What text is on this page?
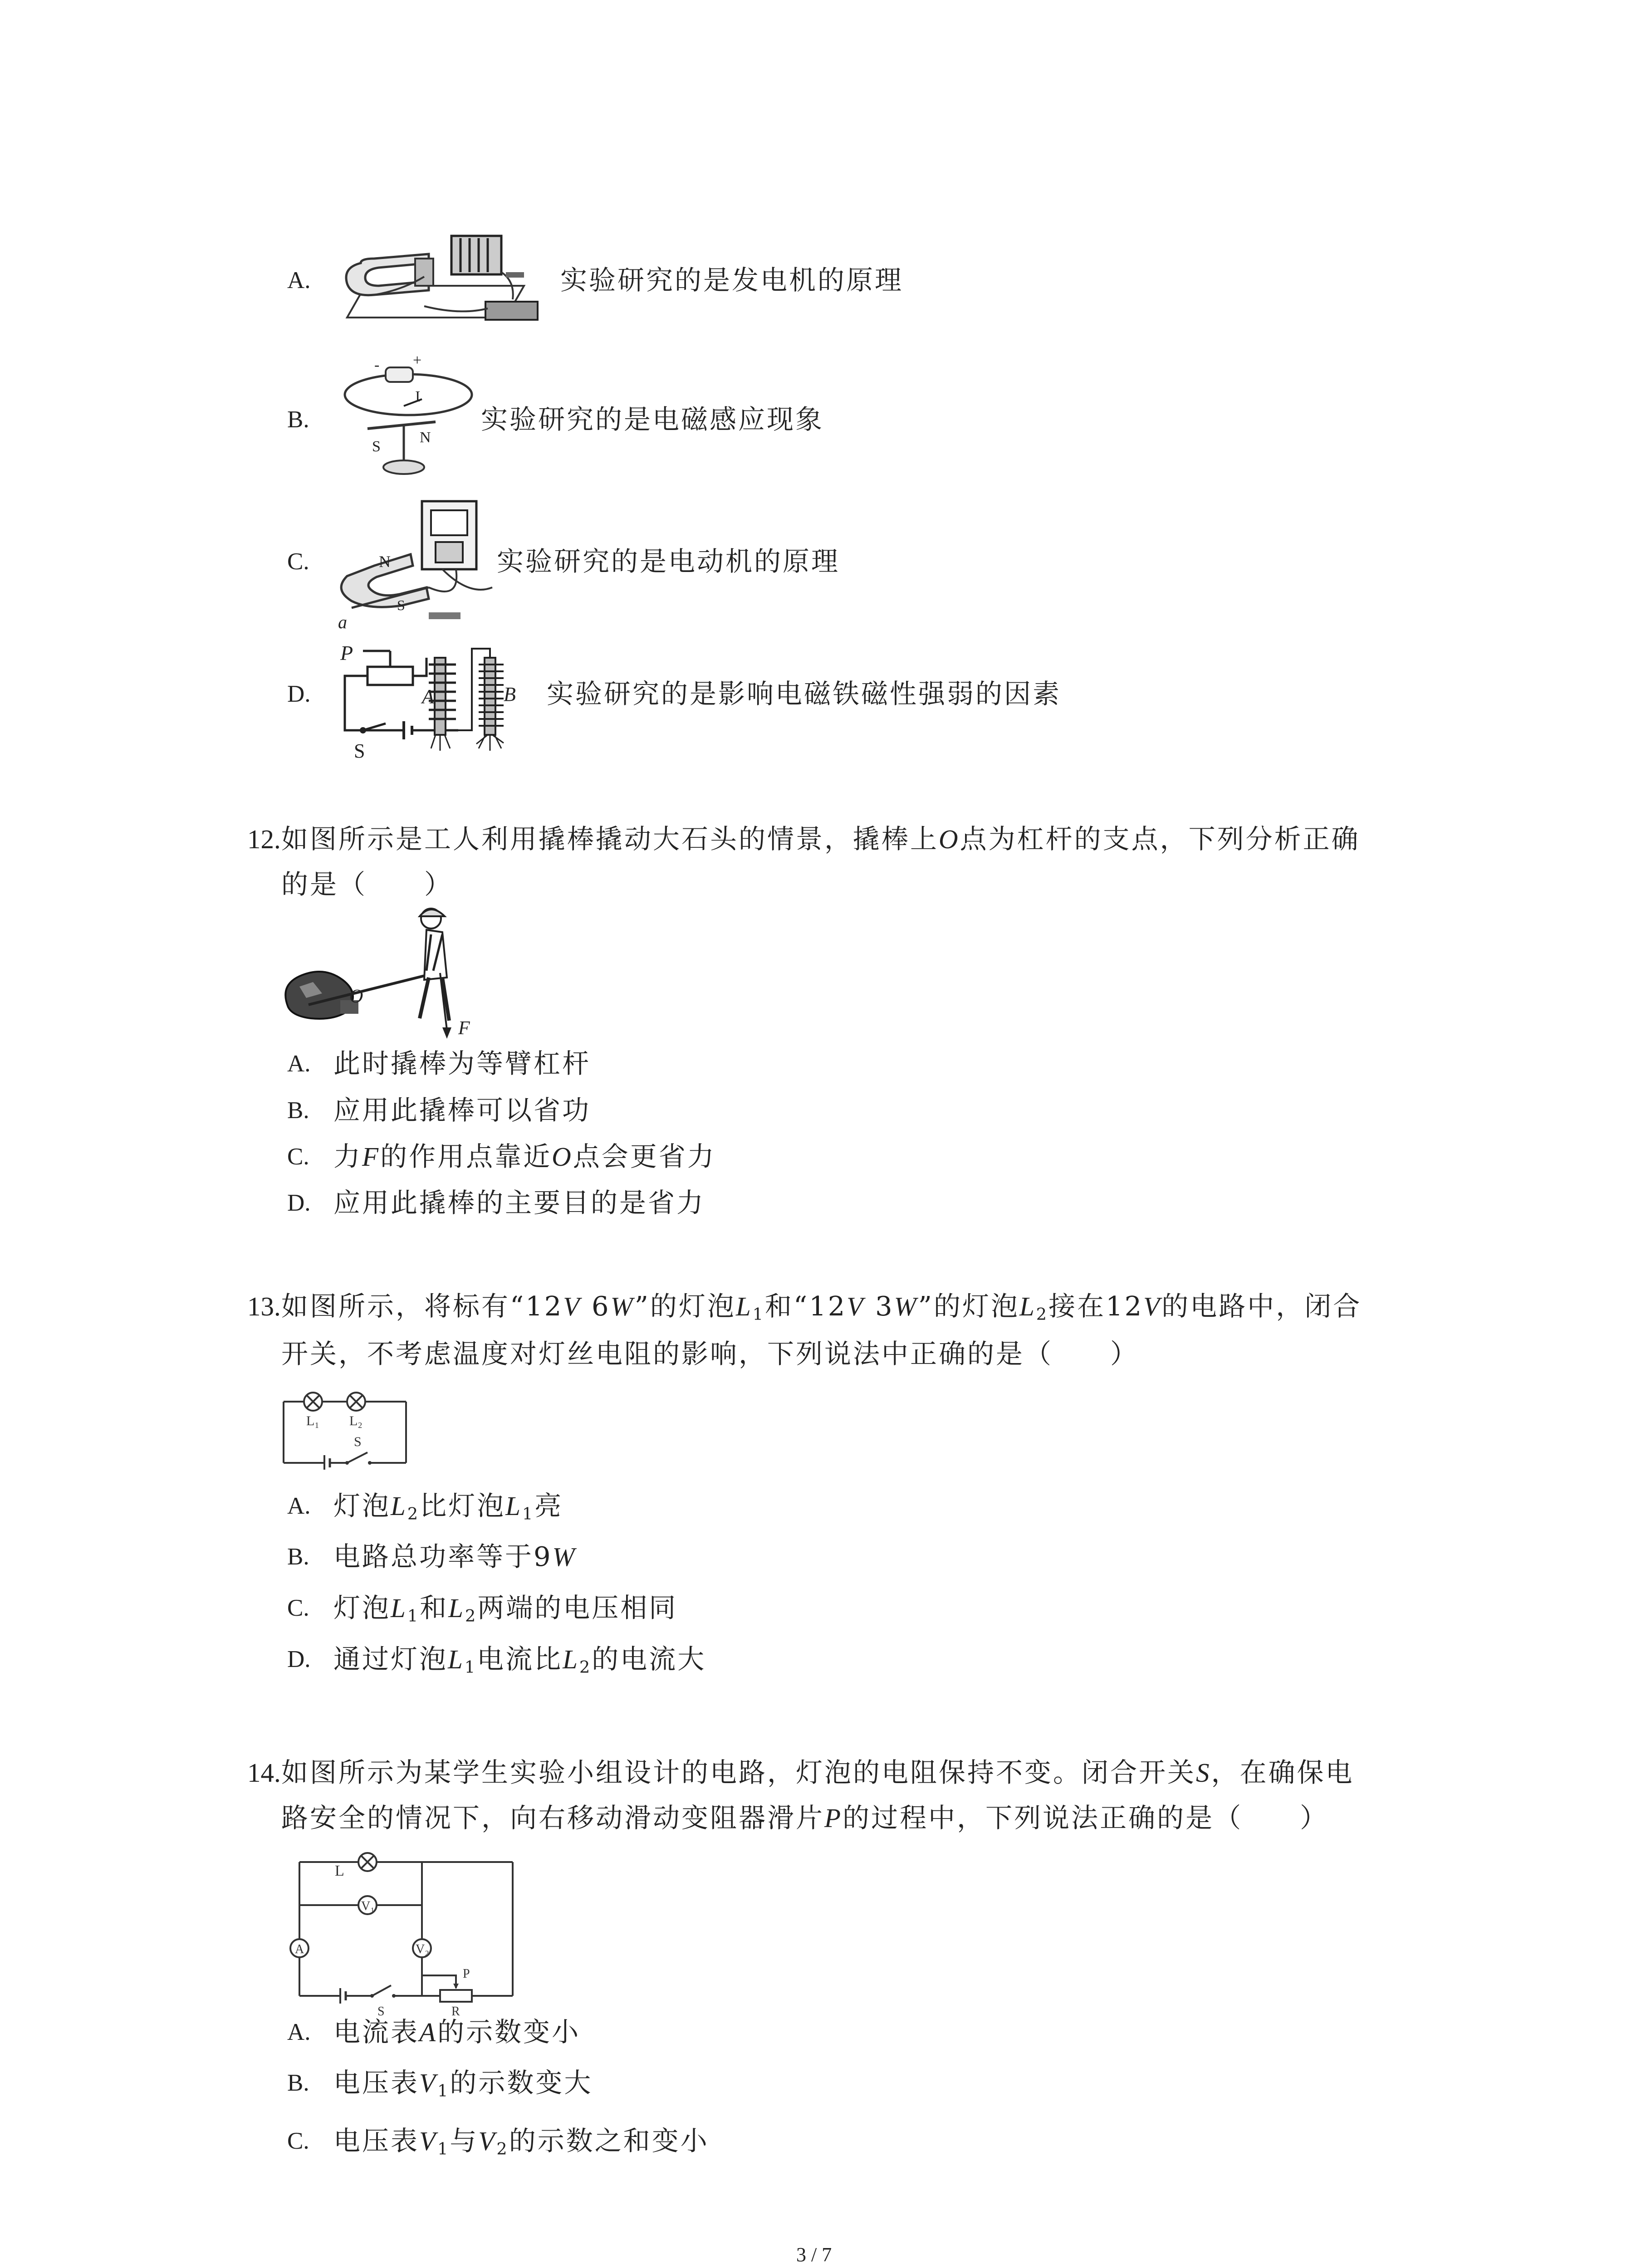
A.	实验研究的是发电机的原理
B.
- +
I
S
N
实验研究的是电磁感应现象
C.	N
S
a
实验研究的是电动机的原理
D.
P
S
A	B 实验研究的是影响电磁铁磁性强弱的因素
12. 如图所示是工人利用撬棒撬动大石头的情景，撬棒上O点为杠杆的支点，下列分析正确
的是（　　）
O
F
A. 此时撬棒为等臂杠杆
B. 应用此撬棒可以省功
C. 力F的作用点靠近O点会更省力
D. 应用此撬棒的主要目的是省力
13. 如图所示，将标有“12V 6W”的灯泡$L_1$和“12V 3W”的灯泡$L_2$接在12V的电路中，闭合
开关，不考虑温度对灯丝电阻的影响，下列说法中正确的是（　　）
L₁ L₂
S
A. 灯泡$L_2$比灯泡$L_1$亮
B. 电路总功率等于9W
C. 灯泡$L_1$和$L_2$两端的电压相同
D. 通过灯泡$L_1$电流比$L_2$的电流大
14. 如图所示为某学生实验小组设计的电路，灯泡的电阻保持不变。闭合开关S，在确保电
路安全的情况下，向右移动滑动变阻器滑片P的过程中，下列说法正确的是（　　）
L
V₁
A	V₂
S
P
R
A. 电流表A的示数变小
B. 电压表$V_1$的示数变大
C. 电压表$V_1$与$V_2$的示数之和变小
3 / 7
